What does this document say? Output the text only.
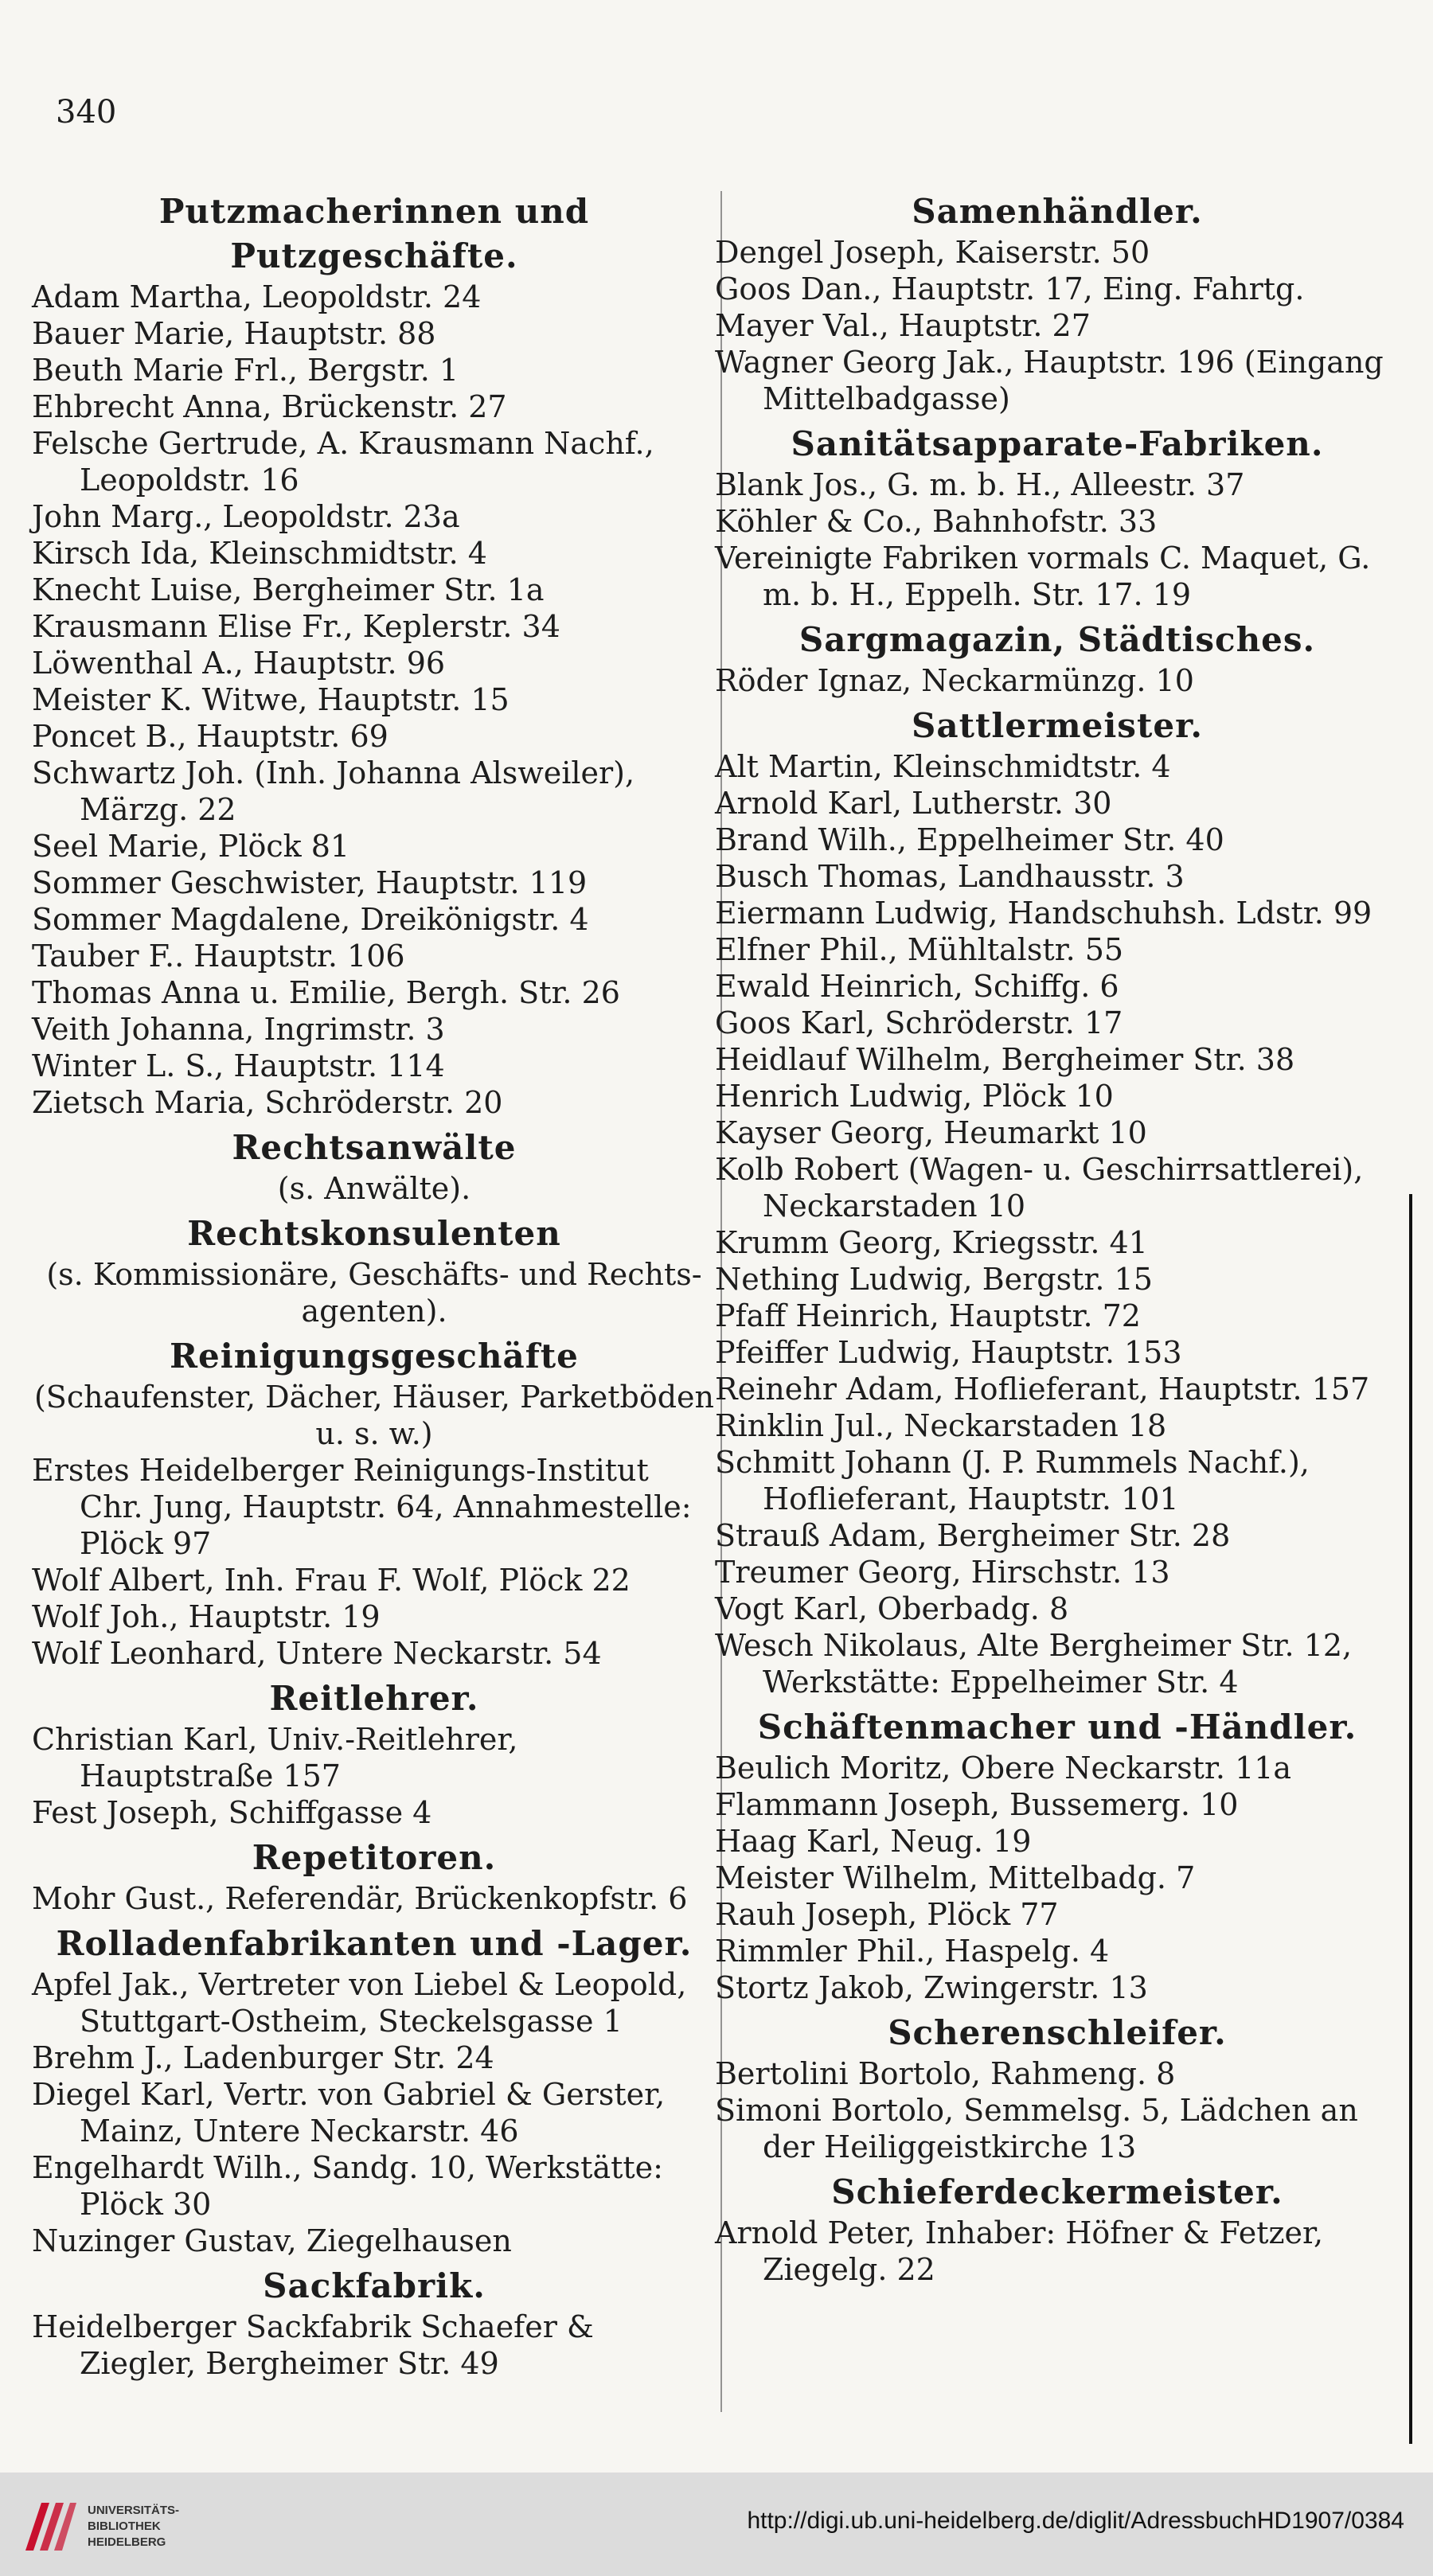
340
Putzmacherinnen und Putzgeschäfte.
Adam Martha, Leopoldstr. 24
Bauer Marie, Hauptstr. 88
Beuth Marie Frl., Bergstr. 1
Ehbrecht Anna, Brückenstr. 27
Felsche Gertrude, A. Krausmann Nachf., Leopoldstr. 16
John Marg., Leopoldstr. 23a
Kirsch Ida, Kleinschmidtstr. 4
Knecht Luise, Bergheimer Str. 1a
Krausmann Elise Fr., Keplerstr. 34
Löwenthal A., Hauptstr. 96
Meister K. Witwe, Hauptstr. 15
Poncet B., Hauptstr. 69
Schwartz Joh. (Inh. Johanna Alsweiler), Märzg. 22
Seel Marie, Plöck 81
Sommer Geschwister, Hauptstr. 119
Sommer Magdalene, Dreikönigstr. 4
Tauber F.. Hauptstr. 106
Thomas Anna u. Emilie, Bergh. Str. 26
Veith Johanna, Ingrimstr. 3
Winter L. S., Hauptstr. 114
Zietsch Maria, Schröderstr. 20
Rechtsanwälte
(s. Anwälte).
Rechtskonsulenten
(s. Kommissionäre, Geschäfts- und Rechts-agenten).
Reinigungsgeschäfte
(Schaufenster, Dächer, Häuser, Parketböden u. s. w.)
Erstes Heidelberger Reinigungs-Institut Chr. Jung, Hauptstr. 64, Annahmestelle: Plöck 97
Wolf Albert, Inh. Frau F. Wolf, Plöck 22
Wolf Joh., Hauptstr. 19
Wolf Leonhard, Untere Neckarstr. 54
Reitlehrer.
Christian Karl, Univ.-Reitlehrer, Hauptstraße 157
Fest Joseph, Schiffgasse 4
Repetitoren.
Mohr Gust., Referendär, Brückenkopfstr. 6
Rolladenfabrikanten und -Lager.
Apfel Jak., Vertreter von Liebel & Leopold, Stuttgart-Ostheim, Steckelsgasse 1
Brehm J., Ladenburger Str. 24
Diegel Karl, Vertr. von Gabriel & Gerster, Mainz, Untere Neckarstr. 46
Engelhardt Wilh., Sandg. 10, Werkstätte: Plöck 30
Nuzinger Gustav, Ziegelhausen
Sackfabrik.
Heidelberger Sackfabrik Schaefer & Ziegler, Bergheimer Str. 49
Samenhändler.
Dengel Joseph, Kaiserstr. 50
Goos Dan., Hauptstr. 17, Eing. Fahrtg.
Mayer Val., Hauptstr. 27
Wagner Georg Jak., Hauptstr. 196 (Eingang Mittelbadgasse)
Sanitätsapparate-Fabriken.
Blank Jos., G. m. b. H., Alleestr. 37
Köhler & Co., Bahnhofstr. 33
Vereinigte Fabriken vormals C. Maquet, G. m. b. H., Eppelh. Str. 17. 19
Sargmagazin, Städtisches.
Röder Ignaz, Neckarmünzg. 10
Sattlermeister.
Alt Martin, Kleinschmidtstr. 4
Arnold Karl, Lutherstr. 30
Brand Wilh., Eppelheimer Str. 40
Busch Thomas, Landhausstr. 3
Eiermann Ludwig, Handschuhsh. Ldstr. 99
Elfner Phil., Mühltalstr. 55
Ewald Heinrich, Schiffg. 6
Goos Karl, Schröderstr. 17
Heidlauf Wilhelm, Bergheimer Str. 38
Henrich Ludwig, Plöck 10
Kayser Georg, Heumarkt 10
Kolb Robert (Wagen- u. Geschirrsattlerei), Neckarstaden 10
Krumm Georg, Kriegsstr. 41
Nething Ludwig, Bergstr. 15
Pfaff Heinrich, Hauptstr. 72
Pfeiffer Ludwig, Hauptstr. 153
Reinehr Adam, Hoflieferant, Hauptstr. 157
Rinklin Jul., Neckarstaden 18
Schmitt Johann (J. P. Rummels Nachf.), Hoflieferant, Hauptstr. 101
Strauß Adam, Bergheimer Str. 28
Treumer Georg, Hirschstr. 13
Vogt Karl, Oberbadg. 8
Wesch Nikolaus, Alte Bergheimer Str. 12, Werkstätte: Eppelheimer Str. 4
Schäftenmacher und -Händler.
Beulich Moritz, Obere Neckarstr. 11a
Flammann Joseph, Bussemerg. 10
Haag Karl, Neug. 19
Meister Wilhelm, Mittelbadg. 7
Rauh Joseph, Plöck 77
Rimmler Phil., Haspelg. 4
Stortz Jakob, Zwingerstr. 13
Scherenschleifer.
Bertolini Bortolo, Rahmeng. 8
Simoni Bortolo, Semmelsg. 5, Lädchen an der Heiliggeistkirche 13
Schieferdeckermeister.
Arnold Peter, Inhaber: Höfner & Fetzer, Ziegelg. 22
UNIVERSITÄTS-
BIBLIOTHEK
HEIDELBERG
http://digi.ub.uni-heidelberg.de/diglit/AdressbuchHD1907/0384
